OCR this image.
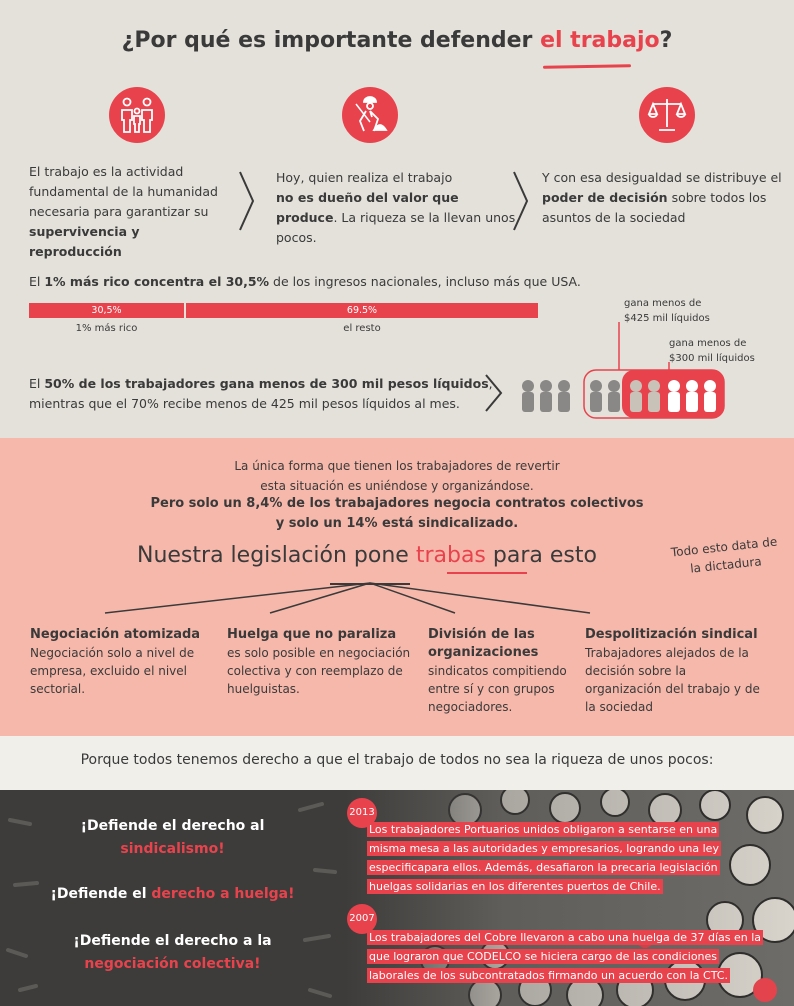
¿Por qué es importante defender el trabajo?
El trabajo es la actividad fundamental de la humanidad necesaria para garantizar su supervivencia y reproducción
Hoy, quien realiza el trabajo
no es dueño del valor que produce. La riqueza se la llevan unos pocos.
Y con esa desigualdad se distribuye el poder de decisión sobre todos los asuntos de la sociedad
El 1% más rico concentra el 30,5% de los ingresos nacionales, incluso más que USA.
30,5%	69.5%
1% más rico	el resto
gana menos de $425 mil líquidos
gana menos de $300 mil líquidos
El 50% de los trabajadores gana menos de 300 mil pesos líquidos,
mientras que el 70% recibe menos de 425 mil pesos líquidos al mes.
La única forma que tienen los trabajadores de revertir
esta situación es uniéndose y organizándose.
Pero solo un 8,4% de los trabajadores negocia contratos colectivos
y solo un 14% está sindicalizado.
Nuestra legislación pone trabas para esto	Todo esto data de la dictadura
Negociación atomizada
Negociación solo a nivel de empresa, excluido el nivel sectorial.
Huelga que no paraliza
es solo posible en negociación colectiva y con reemplazo de huelguistas.
División de las organizaciones
sindicatos compitiendo entre sí y con grupos negociadores.
Despolitización sindical
Trabajadores alejados de la decisión sobre la organización del trabajo y de la sociedad
Porque todos tenemos derecho a que el trabajo de todos no sea la riqueza de unos pocos:
¡Defiende el derecho al
sindicalismo!
¡Defiende el derecho a huelga!
¡Defiende el derecho a la
negociación colectiva!
2013
Los trabajadores Portuarios unidos obligaron a sentarse en una misma mesa a las autoridades y empresarios, logrando una ley especificapara ellos. Además, desafiaron la precaria legislación huelgas solidarias en los diferentes puertos de Chile.
2007
Los trabajadores del Cobre llevaron a cabo una huelga de 37 días en la que lograron que CODELCO se hiciera cargo de las condiciones laborales de los subcontratados firmando un acuerdo con la CTC.
